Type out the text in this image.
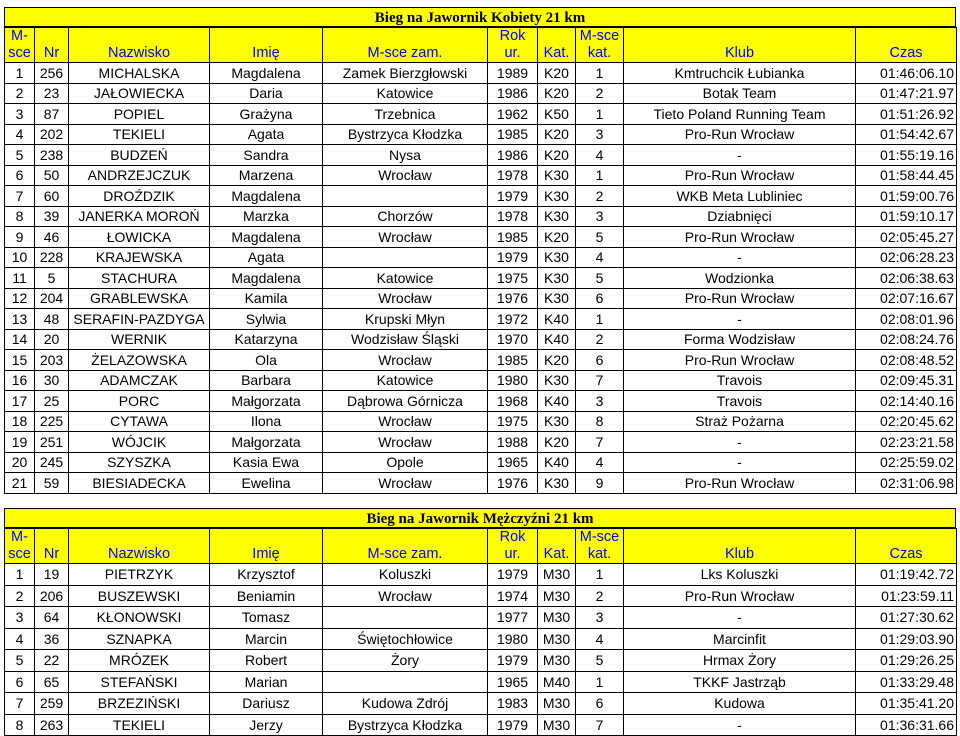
Bieg na Jawornik Kobiety 21 km
M-					Rok		M-sce		
sce	Nr	Nazwisko	Imię	M-sce zam.	ur.	Kat.	kat.	Klub	Czas
1	256	MICHALSKA	Magdalena	Zamek Bierzgłowski	1989	K20	1	Kmtruchcik Łubianka	01:46:06.10
2	23	JAŁOWIECKA	Daria	Katowice	1986	K20	2	Botak Team	01:47:21.97
3	87	POPIEL	Grażyna	Trzebnica	1962	K50	1	Tieto Poland Running Team	01:51:26.92
4	202	TEKIELI	Agata	Bystrzyca Kłodzka	1985	K20	3	Pro-Run Wrocław	01:54:42.67
5	238	BUDZEŃ	Sandra	Nysa	1986	K20	4	-	01:55:19.16
6	50	ANDRZEJCZUK	Marzena	Wrocław	1978	K30	1	Pro-Run Wrocław	01:58:44.45
7	60	DROŹDZIK	Magdalena		1979	K30	2	WKB Meta Lubliniec	01:59:00.76
8	39	JANERKA MOROŃ	Marzka	Chorzów	1978	K30	3	Dziabnięci	01:59:10.17
9	46	ŁOWICKA	Magdalena	Wrocław	1985	K20	5	Pro-Run Wrocław	02:05:45.27
10	228	KRAJEWSKA	Agata		1979	K30	4	-	02:06:28.23
11	5	STACHURA	Magdalena	Katowice	1975	K30	5	Wodzionka	02:06:38.63
12	204	GRABLEWSKA	Kamila	Wrocław	1976	K30	6	Pro-Run Wrocław	02:07:16.67
13	48	SERAFIN-PAZDYGA	Sylwia	Krupski Młyn	1972	K40	1	-	02:08:01.96
14	20	WERNIK	Katarzyna	Wodzisław Śląski	1970	K40	2	Forma Wodzisław	02:08:24.76
15	203	ŻELAZOWSKA	Ola	Wrocław	1985	K20	6	Pro-Run Wrocław	02:08:48.52
16	30	ADAMCZAK	Barbara	Katowice	1980	K30	7	Travois	02:09:45.31
17	25	PORC	Małgorzata	Dąbrowa Górnicza	1968	K40	3	Travois	02:14:40.16
18	225	CYTAWA	Ilona	Wrocław	1975	K30	8	Straż Pożarna	02:20:45.62
19	251	WÓJCIK	Małgorzata	Wrocław	1988	K20	7	-	02:23:21.58
20	245	SZYSZKA	Kasia Ewa	Opole	1965	K40	4	-	02:25:59.02
21	59	BIESIADECKA	Ewelina	Wrocław	1976	K30	9	Pro-Run Wrocław	02:31:06.98
Bieg na Jawornik Mężczyźni 21 km
M-					Rok		M-sce		
sce	Nr	Nazwisko	Imię	M-sce zam.	ur.	Kat.	kat.	Klub	Czas
1	19	PIETRZYK	Krzysztof	Koluszki	1979	M30	1	Lks Koluszki	01:19:42.72
2	206	BUSZEWSKI	Beniamin	Wrocław	1974	M30	2	Pro-Run Wrocław	01:23:59.11
3	64	KŁONOWSKI	Tomasz		1977	M30	3	-	01:27:30.62
4	36	SZNAPKA	Marcin	Świętochłowice	1980	M30	4	Marcinfit	01:29:03.90
5	22	MRÓZEK	Robert	Żory	1979	M30	5	Hrmax Żory	01:29:26.25
6	65	STEFAŃSKI	Marian		1965	M40	1	TKKF Jastrząb	01:33:29.48
7	259	BRZEZIŃSKI	Dariusz	Kudowa Zdrój	1983	M30	6	Kudowa	01:35:41.20
8	263	TEKIELI	Jerzy	Bystrzyca Kłodzka	1979	M30	7	-	01:36:31.66
